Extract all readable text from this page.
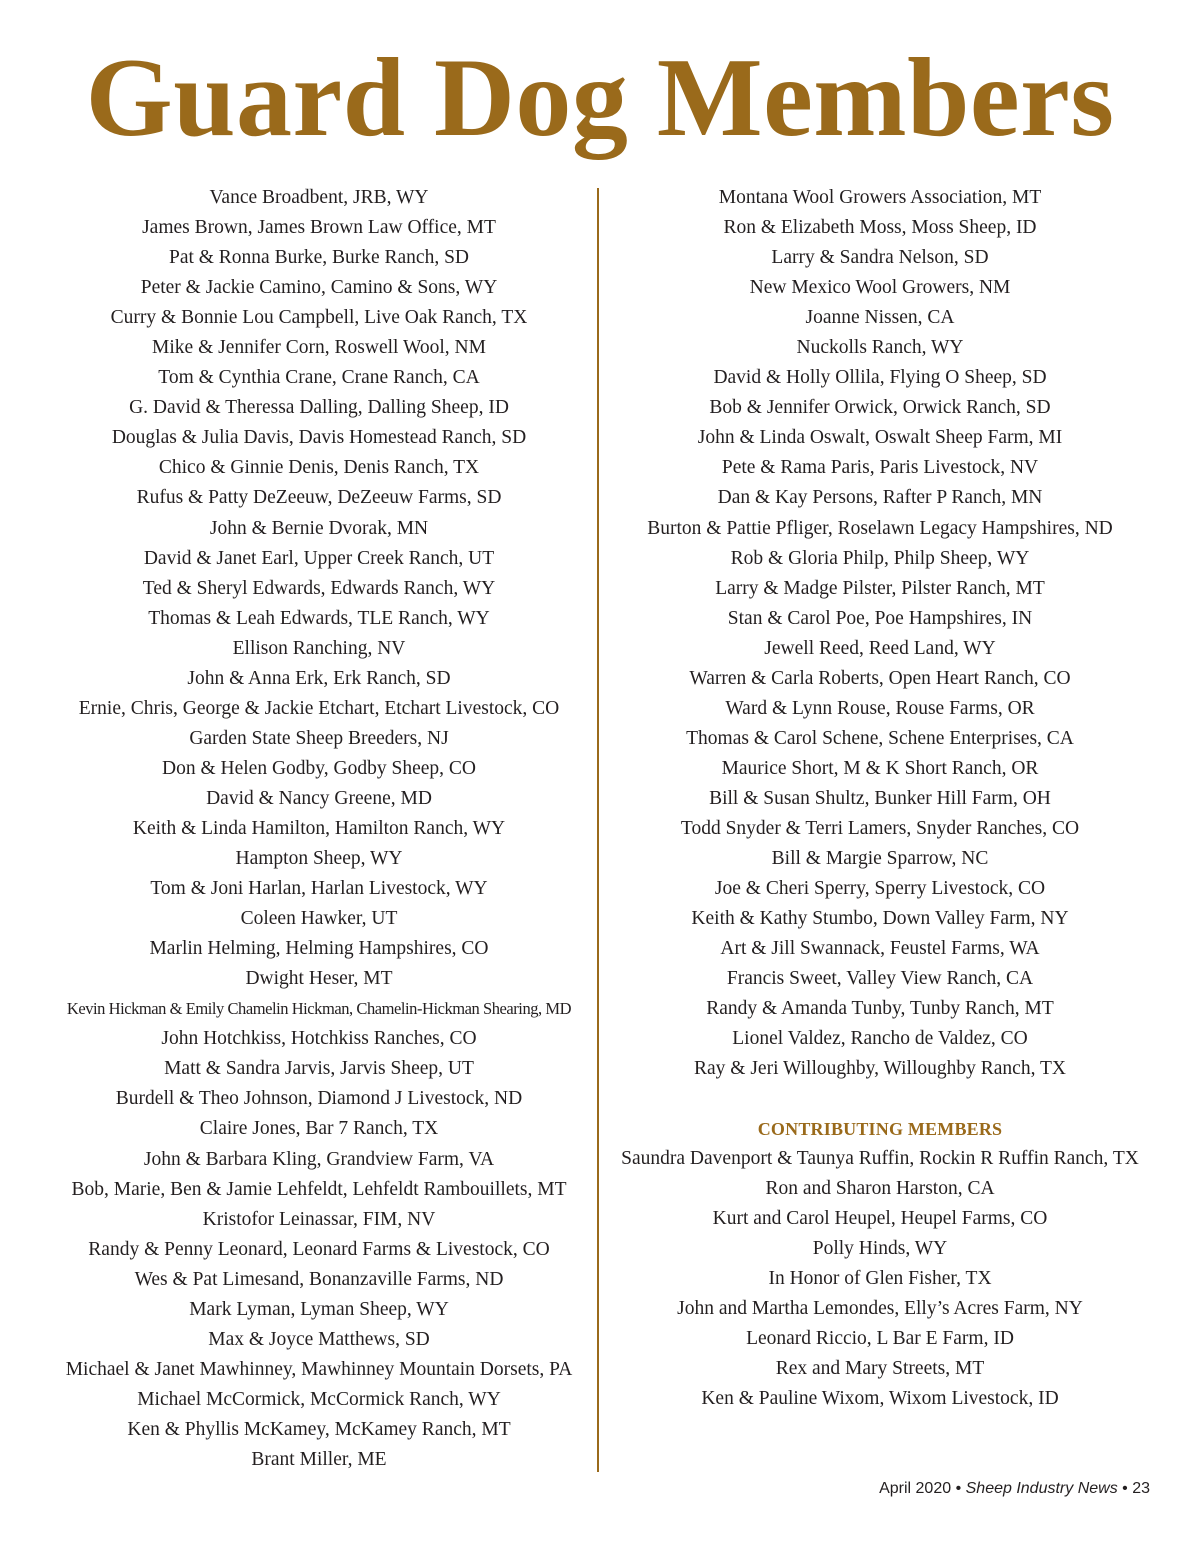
Guard Dog Members
Vance Broadbent, JRB, WY
James Brown, James Brown Law Office, MT
Pat & Ronna Burke, Burke Ranch, SD
Peter & Jackie Camino, Camino & Sons, WY
Curry & Bonnie Lou Campbell, Live Oak Ranch, TX
Mike & Jennifer Corn, Roswell Wool, NM
Tom & Cynthia Crane, Crane Ranch, CA
G. David & Theressa Dalling, Dalling Sheep, ID
Douglas & Julia Davis, Davis Homestead Ranch, SD
Chico & Ginnie Denis, Denis Ranch, TX
Rufus & Patty DeZeeuw, DeZeeuw Farms, SD
John & Bernie Dvorak, MN
David & Janet Earl, Upper Creek Ranch, UT
Ted & Sheryl Edwards, Edwards Ranch, WY
Thomas & Leah Edwards, TLE Ranch, WY
Ellison Ranching, NV
John & Anna Erk, Erk Ranch, SD
Ernie, Chris, George & Jackie Etchart, Etchart Livestock, CO
Garden State Sheep Breeders, NJ
Don & Helen Godby, Godby Sheep, CO
David & Nancy Greene, MD
Keith & Linda Hamilton, Hamilton Ranch, WY
Hampton Sheep, WY
Tom & Joni Harlan, Harlan Livestock, WY
Coleen Hawker, UT
Marlin Helming, Helming Hampshires, CO
Dwight Heser, MT
Kevin Hickman & Emily Chamelin Hickman, Chamelin-Hickman Shearing, MD
John Hotchkiss, Hotchkiss Ranches, CO
Matt & Sandra Jarvis, Jarvis Sheep, UT
Burdell & Theo Johnson, Diamond J Livestock, ND
Claire Jones, Bar 7 Ranch, TX
John & Barbara Kling, Grandview Farm, VA
Bob, Marie, Ben & Jamie Lehfeldt, Lehfeldt Rambouillets, MT
Kristofor Leinassar, FIM, NV
Randy & Penny Leonard, Leonard Farms & Livestock, CO
Wes & Pat Limesand, Bonanzaville Farms, ND
Mark Lyman, Lyman Sheep, WY
Max & Joyce Matthews, SD
Michael & Janet Mawhinney, Mawhinney Mountain Dorsets, PA
Michael McCormick, McCormick Ranch, WY
Ken & Phyllis McKamey, McKamey Ranch, MT
Brant Miller, ME
Montana Wool Growers Association, MT
Ron & Elizabeth Moss, Moss Sheep, ID
Larry & Sandra Nelson, SD
New Mexico Wool Growers, NM
Joanne Nissen, CA
Nuckolls Ranch, WY
David & Holly Ollila, Flying O Sheep, SD
Bob & Jennifer Orwick, Orwick Ranch, SD
John & Linda Oswalt, Oswalt Sheep Farm, MI
Pete & Rama Paris, Paris Livestock, NV
Dan & Kay Persons, Rafter P Ranch, MN
Burton & Pattie Pfliger, Roselawn Legacy Hampshires, ND
Rob & Gloria Philp, Philp Sheep, WY
Larry & Madge Pilster, Pilster Ranch, MT
Stan & Carol Poe, Poe Hampshires, IN
Jewell Reed, Reed Land, WY
Warren & Carla Roberts, Open Heart Ranch, CO
Ward & Lynn Rouse, Rouse Farms, OR
Thomas & Carol Schene, Schene Enterprises, CA
Maurice Short, M & K Short Ranch, OR
Bill & Susan Shultz, Bunker Hill Farm, OH
Todd Snyder & Terri Lamers, Snyder Ranches, CO
Bill & Margie Sparrow, NC
Joe & Cheri Sperry, Sperry Livestock, CO
Keith & Kathy Stumbo, Down Valley Farm, NY
Art & Jill Swannack, Feustel Farms, WA
Francis Sweet, Valley View Ranch, CA
Randy & Amanda Tunby, Tunby Ranch, MT
Lionel Valdez, Rancho de Valdez, CO
Ray & Jeri Willoughby, Willoughby Ranch, TX
CONTRIBUTING MEMBERS
Saundra Davenport & Taunya Ruffin, Rockin R Ruffin Ranch, TX
Ron and Sharon Harston, CA
Kurt and Carol Heupel, Heupel Farms, CO
Polly Hinds, WY
In Honor of Glen Fisher, TX
John and Martha Lemondes, Elly’s Acres Farm, NY
Leonard Riccio, L Bar E Farm, ID
Rex and Mary Streets, MT
Ken & Pauline Wixom, Wixom Livestock, ID
April 2020 • Sheep Industry News • 23
